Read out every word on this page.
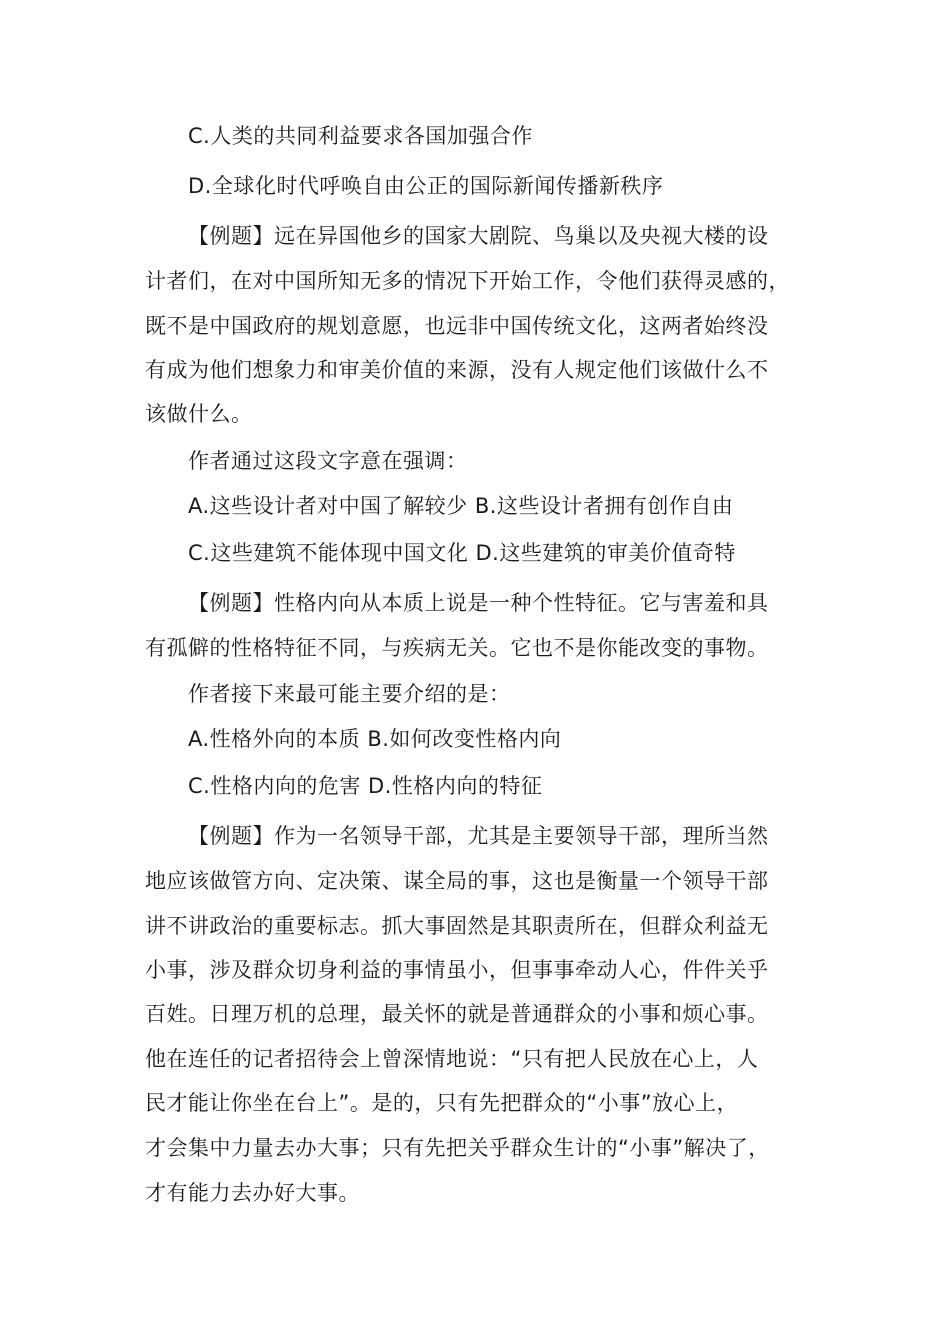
C.人类的共同利益要求各国加强合作
D.全球化时代呼唤自由公正的国际新闻传播新秩序
【例题】远在异国他乡的国家大剧院、鸟巢以及央视大楼的设
计者们，在对中国所知无多的情况下开始工作，令他们获得灵感的，
既不是中国政府的规划意愿，也远非中国传统文化，这两者始终没
有成为他们想象力和审美价值的来源，没有人规定他们该做什么不
该做什么。
作者通过这段文字意在强调：
A.这些设计者对中国了解较少 B.这些设计者拥有创作自由
C.这些建筑不能体现中国文化 D.这些建筑的审美价值奇特
【例题】性格内向从本质上说是一种个性特征。它与害羞和具
有孤僻的性格特征不同，与疾病无关。它也不是你能改变的事物。
作者接下来最可能主要介绍的是：
A.性格外向的本质 B.如何改变性格内向
C.性格内向的危害 D.性格内向的特征
【例题】作为一名领导干部，尤其是主要领导干部，理所当然
地应该做管方向、定决策、谋全局的事，这也是衡量一个领导干部
讲不讲政治的重要标志。抓大事固然是其职责所在，但群众利益无
小事，涉及群众切身利益的事情虽小，但事事牵动人心，件件关乎
百姓。日理万机的总理，最关怀的就是普通群众的小事和烦心事。
他在连任的记者招待会上曾深情地说：“只有把人民放在心上，人
民才能让你坐在台上”。是的，只有先把群众的“小事”放心上，
才会集中力量去办大事；只有先把关乎群众生计的“小事”解决了，
才有能力去办好大事。
